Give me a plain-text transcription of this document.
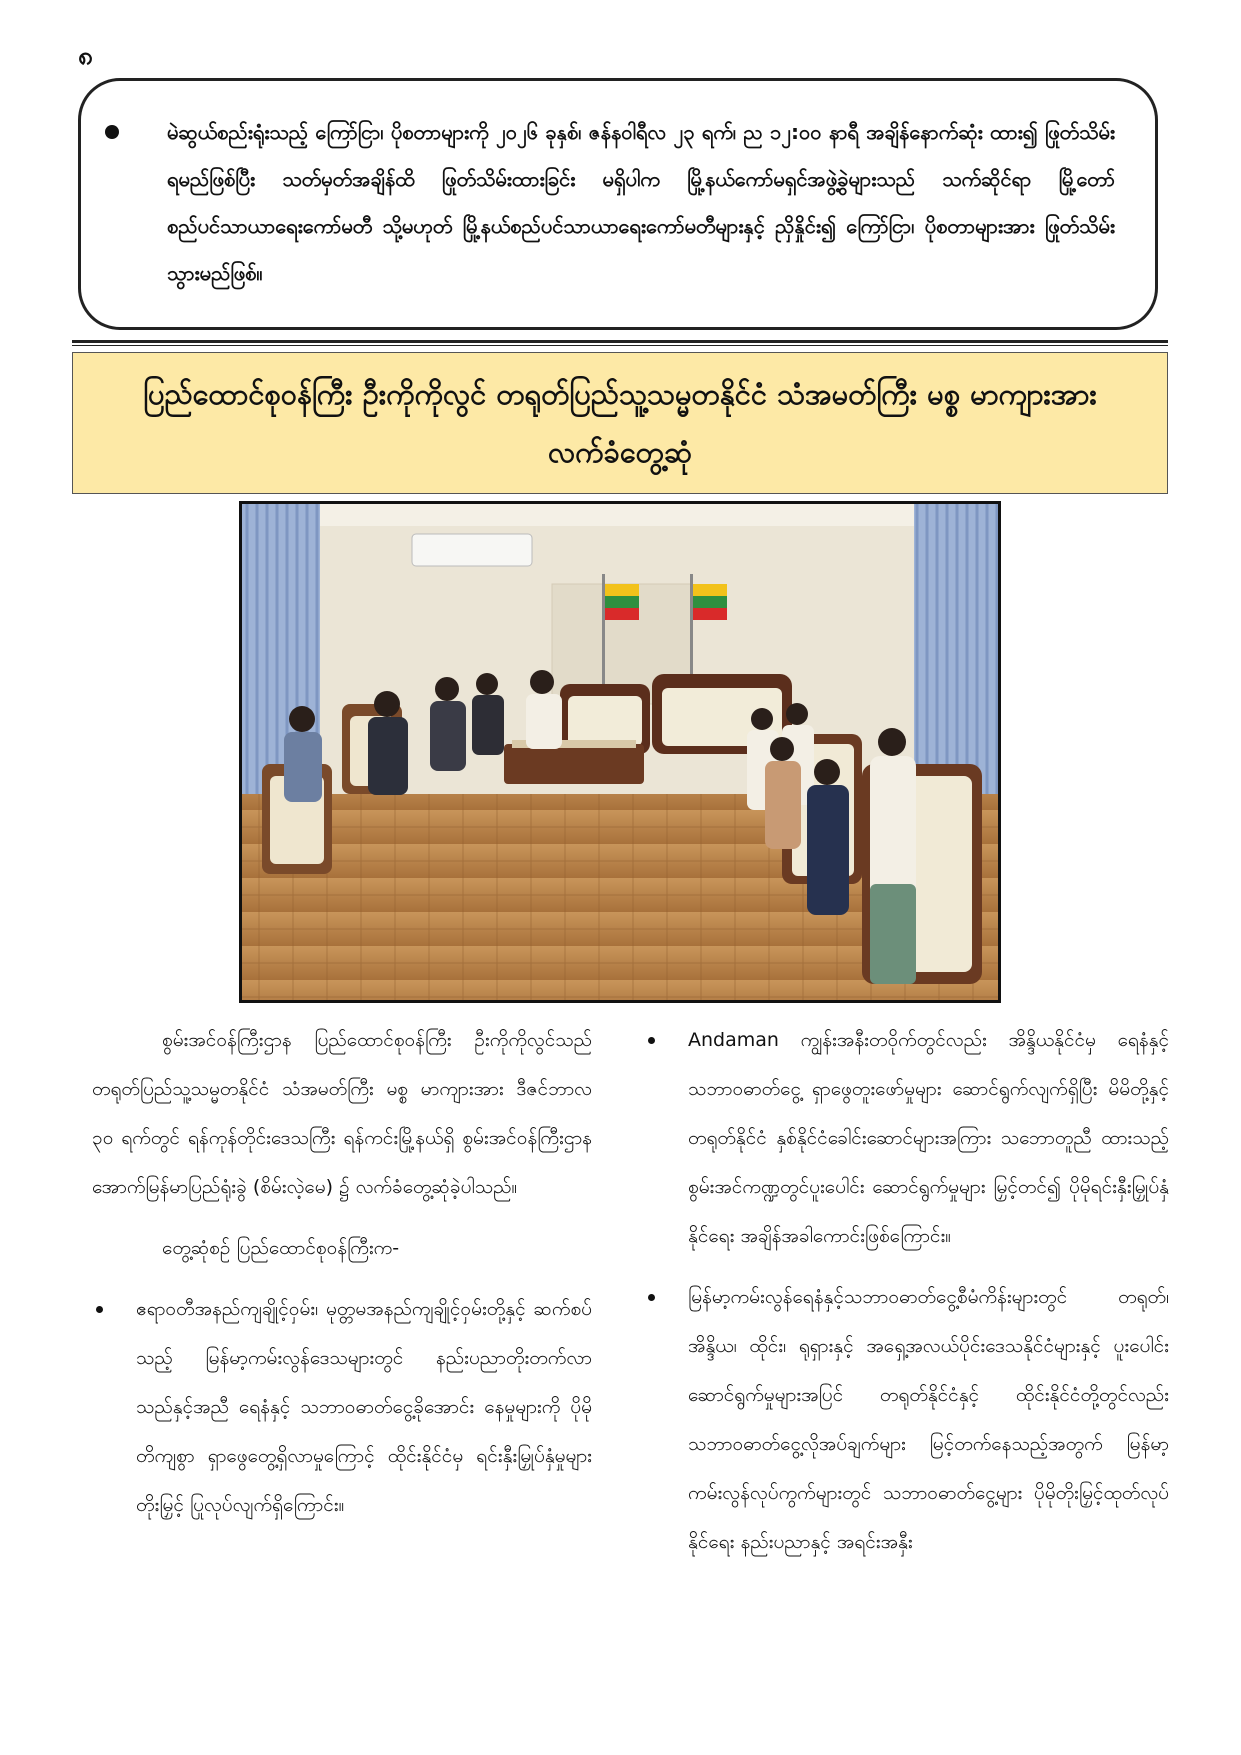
၈

မဲဆွယ်စည်းရုံးသည့် ကြော်ငြာ၊ ပိုစတာများကို ၂၀၂၆ ခုနှစ်၊ ဇန်နဝါရီလ ၂၃ ရက်၊ ည ၁၂:၀၀ နာရီ အချိန်နောက်ဆုံး ထား၍ ဖြုတ်သိမ်းရမည်ဖြစ်ပြီး သတ်မှတ်အချိန်ထိ ဖြုတ်သိမ်းထားခြင်း မရှိပါက မြို့နယ်ကော်မရှင်အဖွဲ့ခွဲများသည် သက်ဆိုင်ရာ မြို့တော်စည်ပင်သာယာရေးကော်မတီ သို့မဟုတ် မြို့နယ်စည်ပင်သာယာရေးကော်မတီများနှင့် ညှိနှိုင်း၍ ကြော်ငြာ၊ ပိုစတာများအား ဖြုတ်သိမ်းသွားမည်ဖြစ်။

ပြည်ထောင်စုဝန်ကြီး ဦးကိုကိုလွင် တရုတ်ပြည်သူ့သမ္မတနိုင်ငံ သံအမတ်ကြီး မစ္စ မာကျားအား လက်ခံတွေ့ဆုံ

စွမ်းအင်ဝန်ကြီးဌာန ပြည်ထောင်စုဝန်ကြီး ဦးကိုကိုလွင်သည် တရုတ်ပြည်သူ့သမ္မတနိုင်ငံ သံအမတ်ကြီး မစ္စ မာကျားအား ဒီဇင်ဘာလ ၃၀ ရက်တွင် ရန်ကုန်တိုင်းဒေသကြီး ရန်ကင်းမြို့နယ်ရှိ စွမ်းအင်ဝန်ကြီးဌာန အောက်မြန်မာပြည်ရုံးခွဲ (စိမ်းလဲ့မေ) ၌ လက်ခံတွေ့ဆုံခဲ့ပါသည်။

တွေ့ဆုံစဉ် ပြည်ထောင်စုဝန်ကြီးက-

ဧရာဝတီအနည်ကျချိုင့်ဝှမ်း၊ မုတ္တမအနည်ကျချိုင့်ဝှမ်းတို့နှင့် ဆက်စပ်သည့် မြန်မာ့ကမ်းလွန်ဒေသများတွင် နည်းပညာတိုးတက်လာသည်နှင့်အညီ ရေနံနှင့် သဘာဝဓာတ်ငွေ့ခိုအောင်း နေမှုများကို ပိုမိုတိကျစွာ ရှာဖွေတွေ့ရှိလာမှုကြောင့် ထိုင်းနိုင်ငံမှ ရင်းနှီးမြှုပ်နှံမှုများ တိုးမြှင့် ပြုလုပ်လျက်ရှိကြောင်း။

Andaman ကျွန်းအနီးတဝိုက်တွင်လည်း အိန္ဒိယနိုင်ငံမှ ရေနံနှင့် သဘာဝဓာတ်ငွေ့ ရှာဖွေတူးဖော်မှုများ ဆောင်ရွက်လျက်ရှိပြီး မိမိတို့နှင့် တရုတ်နိုင်ငံ နှစ်နိုင်ငံခေါင်းဆောင်များအကြား သဘောတူညီ ထားသည့် စွမ်းအင်ကဏ္ဍတွင်ပူးပေါင်း ဆောင်ရွက်မှုများ မြှင့်တင်၍ ပိုမိုရင်းနှီးမြှုပ်နှံနိုင်ရေး အချိန်အခါကောင်းဖြစ်ကြောင်း။

မြန်မာ့ကမ်းလွန်ရေနံနှင့်သဘာဝဓာတ်ငွေ့စီမံကိန်းများတွင် တရုတ်၊ အိန္ဒိယ၊ ထိုင်း၊ ရုရှားနှင့် အရှေ့အလယ်ပိုင်းဒေသနိုင်ငံများနှင့် ပူးပေါင်းဆောင်ရွက်မှုများအပြင် တရုတ်နိုင်ငံနှင့် ထိုင်းနိုင်ငံတို့တွင်လည်း သဘာဝဓာတ်ငွေ့လိုအပ်ချက်များ မြင့်တက်နေသည့်အတွက် မြန်မာ့ကမ်းလွန်လုပ်ကွက်များတွင် သဘာဝဓာတ်ငွေ့များ ပိုမိုတိုးမြှင့်ထုတ်လုပ်နိုင်ရေး နည်းပညာနှင့် အရင်းအနှီး
